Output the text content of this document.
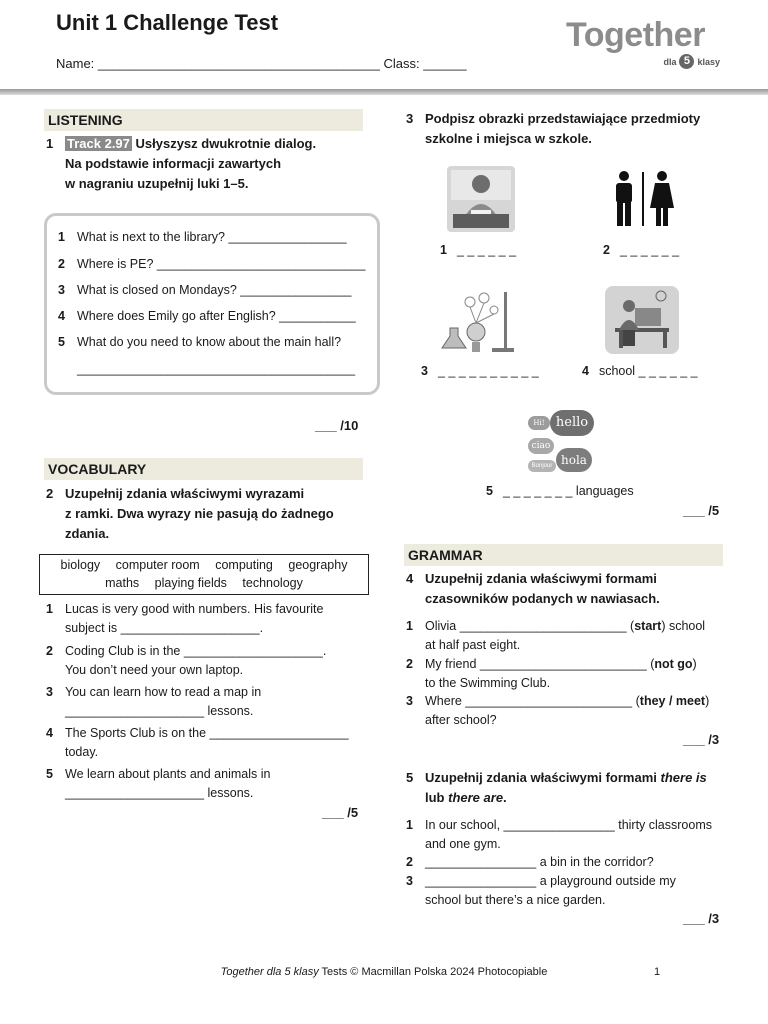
Unit 1 Challenge Test
Name: _______________________________________ Class: ______
Together
dla 5 klasy
LISTENING
1 Track 2.97 Usłyszysz dwukrotnie dialog.
Na podstawie informacji zawartych
w nagraniu uzupełnij luki 1–5.
1 What is next to the library? _________________
2 Where is PE? ______________________________
3 What is closed on Mondays? ________________
4 Where does Emily go after English? ___________
5 What do you need to know about the main hall?
________________________________________
___ /10
VOCABULARY
2 Uzupełnij zdania właściwymi wyrazami
z ramki. Dwa wyrazy nie pasują do żadnego
zdania.
biology computer room computing geography
maths playing fields technology
1 Lucas is very good with numbers. His favourite
subject is ____________________.
2 Coding Club is in the ____________________.
You don’t need your own laptop.
3 You can learn how to read a map in
____________________ lessons.
4 The Sports Club is on the ____________________
today.
5 We learn about plants and animals in
____________________ lessons.
___ /5
3 Podpisz obrazki przedstawiające przedmioty
szkolne i miejsca w szkole.
1 _ _ _ _ _ _	2 _ _ _ _ _ _
3 _ _ _ _ _ _ _ _ _ _	4 school _ _ _ _ _ _
Hi! hello
ciao
hola
Bonjour
5 _ _ _ _ _ _ _ languages
___ /5
GRAMMAR
4 Uzupełnij zdania właściwymi formami
czasowników podanych w nawiasach.
1 Olivia ________________________ (start) school
at half past eight.
2 My friend ________________________ (not go)
to the Swimming Club.
3 Where ________________________ (they / meet)
after school?
___ /3
5 Uzupełnij zdania właściwymi formami there is
lub there are.
1 In our school, ________________ thirty classrooms
and one gym.
2 ________________ a bin in the corridor?
3 ________________ a playground outside my
school but there’s a nice garden.
___ /3
Together dla 5 klasy Tests © Macmillan Polska 2024 Photocopiable	1
